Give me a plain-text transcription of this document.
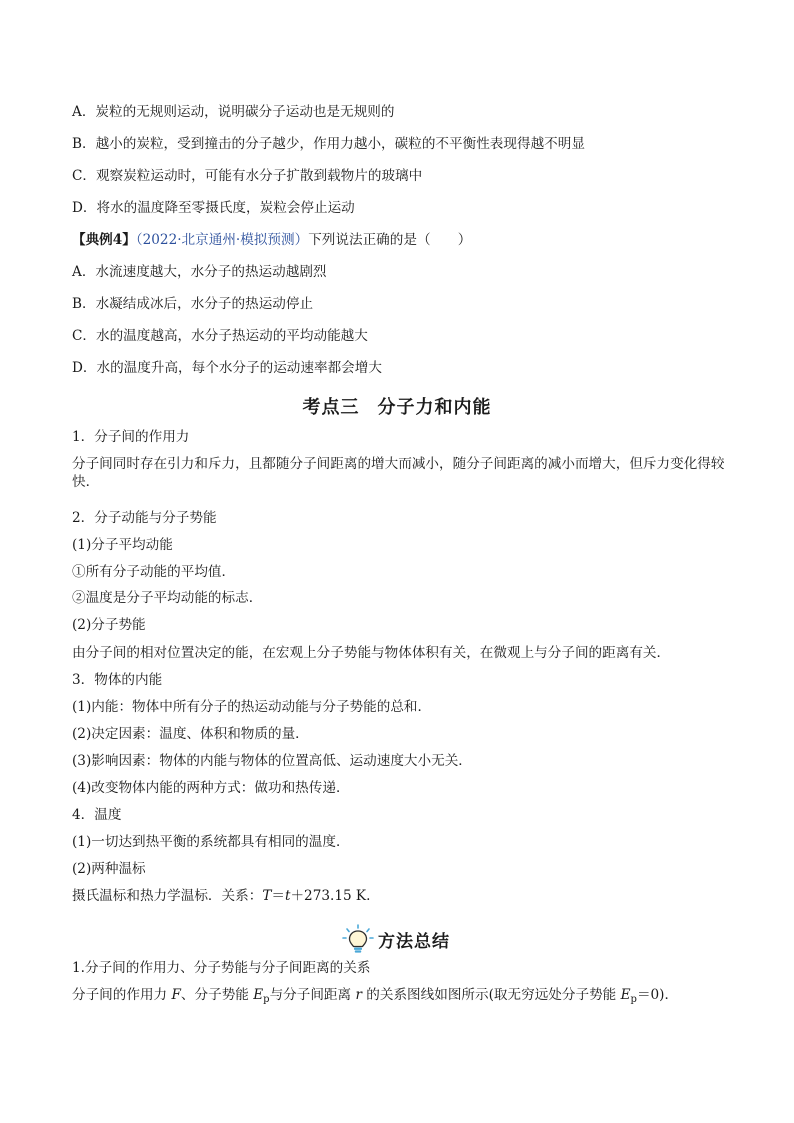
A．炭粒的无规则运动，说明碳分子运动也是无规则的
B．越小的炭粒，受到撞击的分子越少，作用力越小，碳粒的不平衡性表现得越不明显
C．观察炭粒运动时，可能有水分子扩散到载物片的玻璃中
D．将水的温度降至零摄氏度，炭粒会停止运动
【典例4】（2022·北京通州·模拟预测）下列说法正确的是（　　）
A．水流速度越大，水分子的热运动越剧烈
B．水凝结成冰后，水分子的热运动停止
C．水的温度越高，水分子热运动的平均动能越大
D．水的温度升高，每个水分子的运动速率都会增大
考点三 分子力和内能
1．分子间的作用力
分子间同时存在引力和斥力，且都随分子间距离的增大而减小，随分子间距离的减小而增大，但斥力变化得较快．
2．分子动能与分子势能
(1)分子平均动能
①所有分子动能的平均值．
②温度是分子平均动能的标志．
(2)分子势能
由分子间的相对位置决定的能，在宏观上分子势能与物体体积有关，在微观上与分子间的距离有关．
3．物体的内能
(1)内能：物体中所有分子的热运动动能与分子势能的总和．
(2)决定因素：温度、体积和物质的量．
(3)影响因素：物体的内能与物体的位置高低、运动速度大小无关．
(4)改变物体内能的两种方式：做功和热传递．
4．温度
(1)一切达到热平衡的系统都具有相同的温度．
(2)两种温标
摄氏温标和热力学温标．关系：T＝t＋273.15 K.
方法总结
1.分子间的作用力、分子势能与分子间距离的关系
分子间的作用力 F、分子势能 $E_p$与分子间距离 r 的关系图线如图所示(取无穷远处分子势能 $E_p=0$)．
